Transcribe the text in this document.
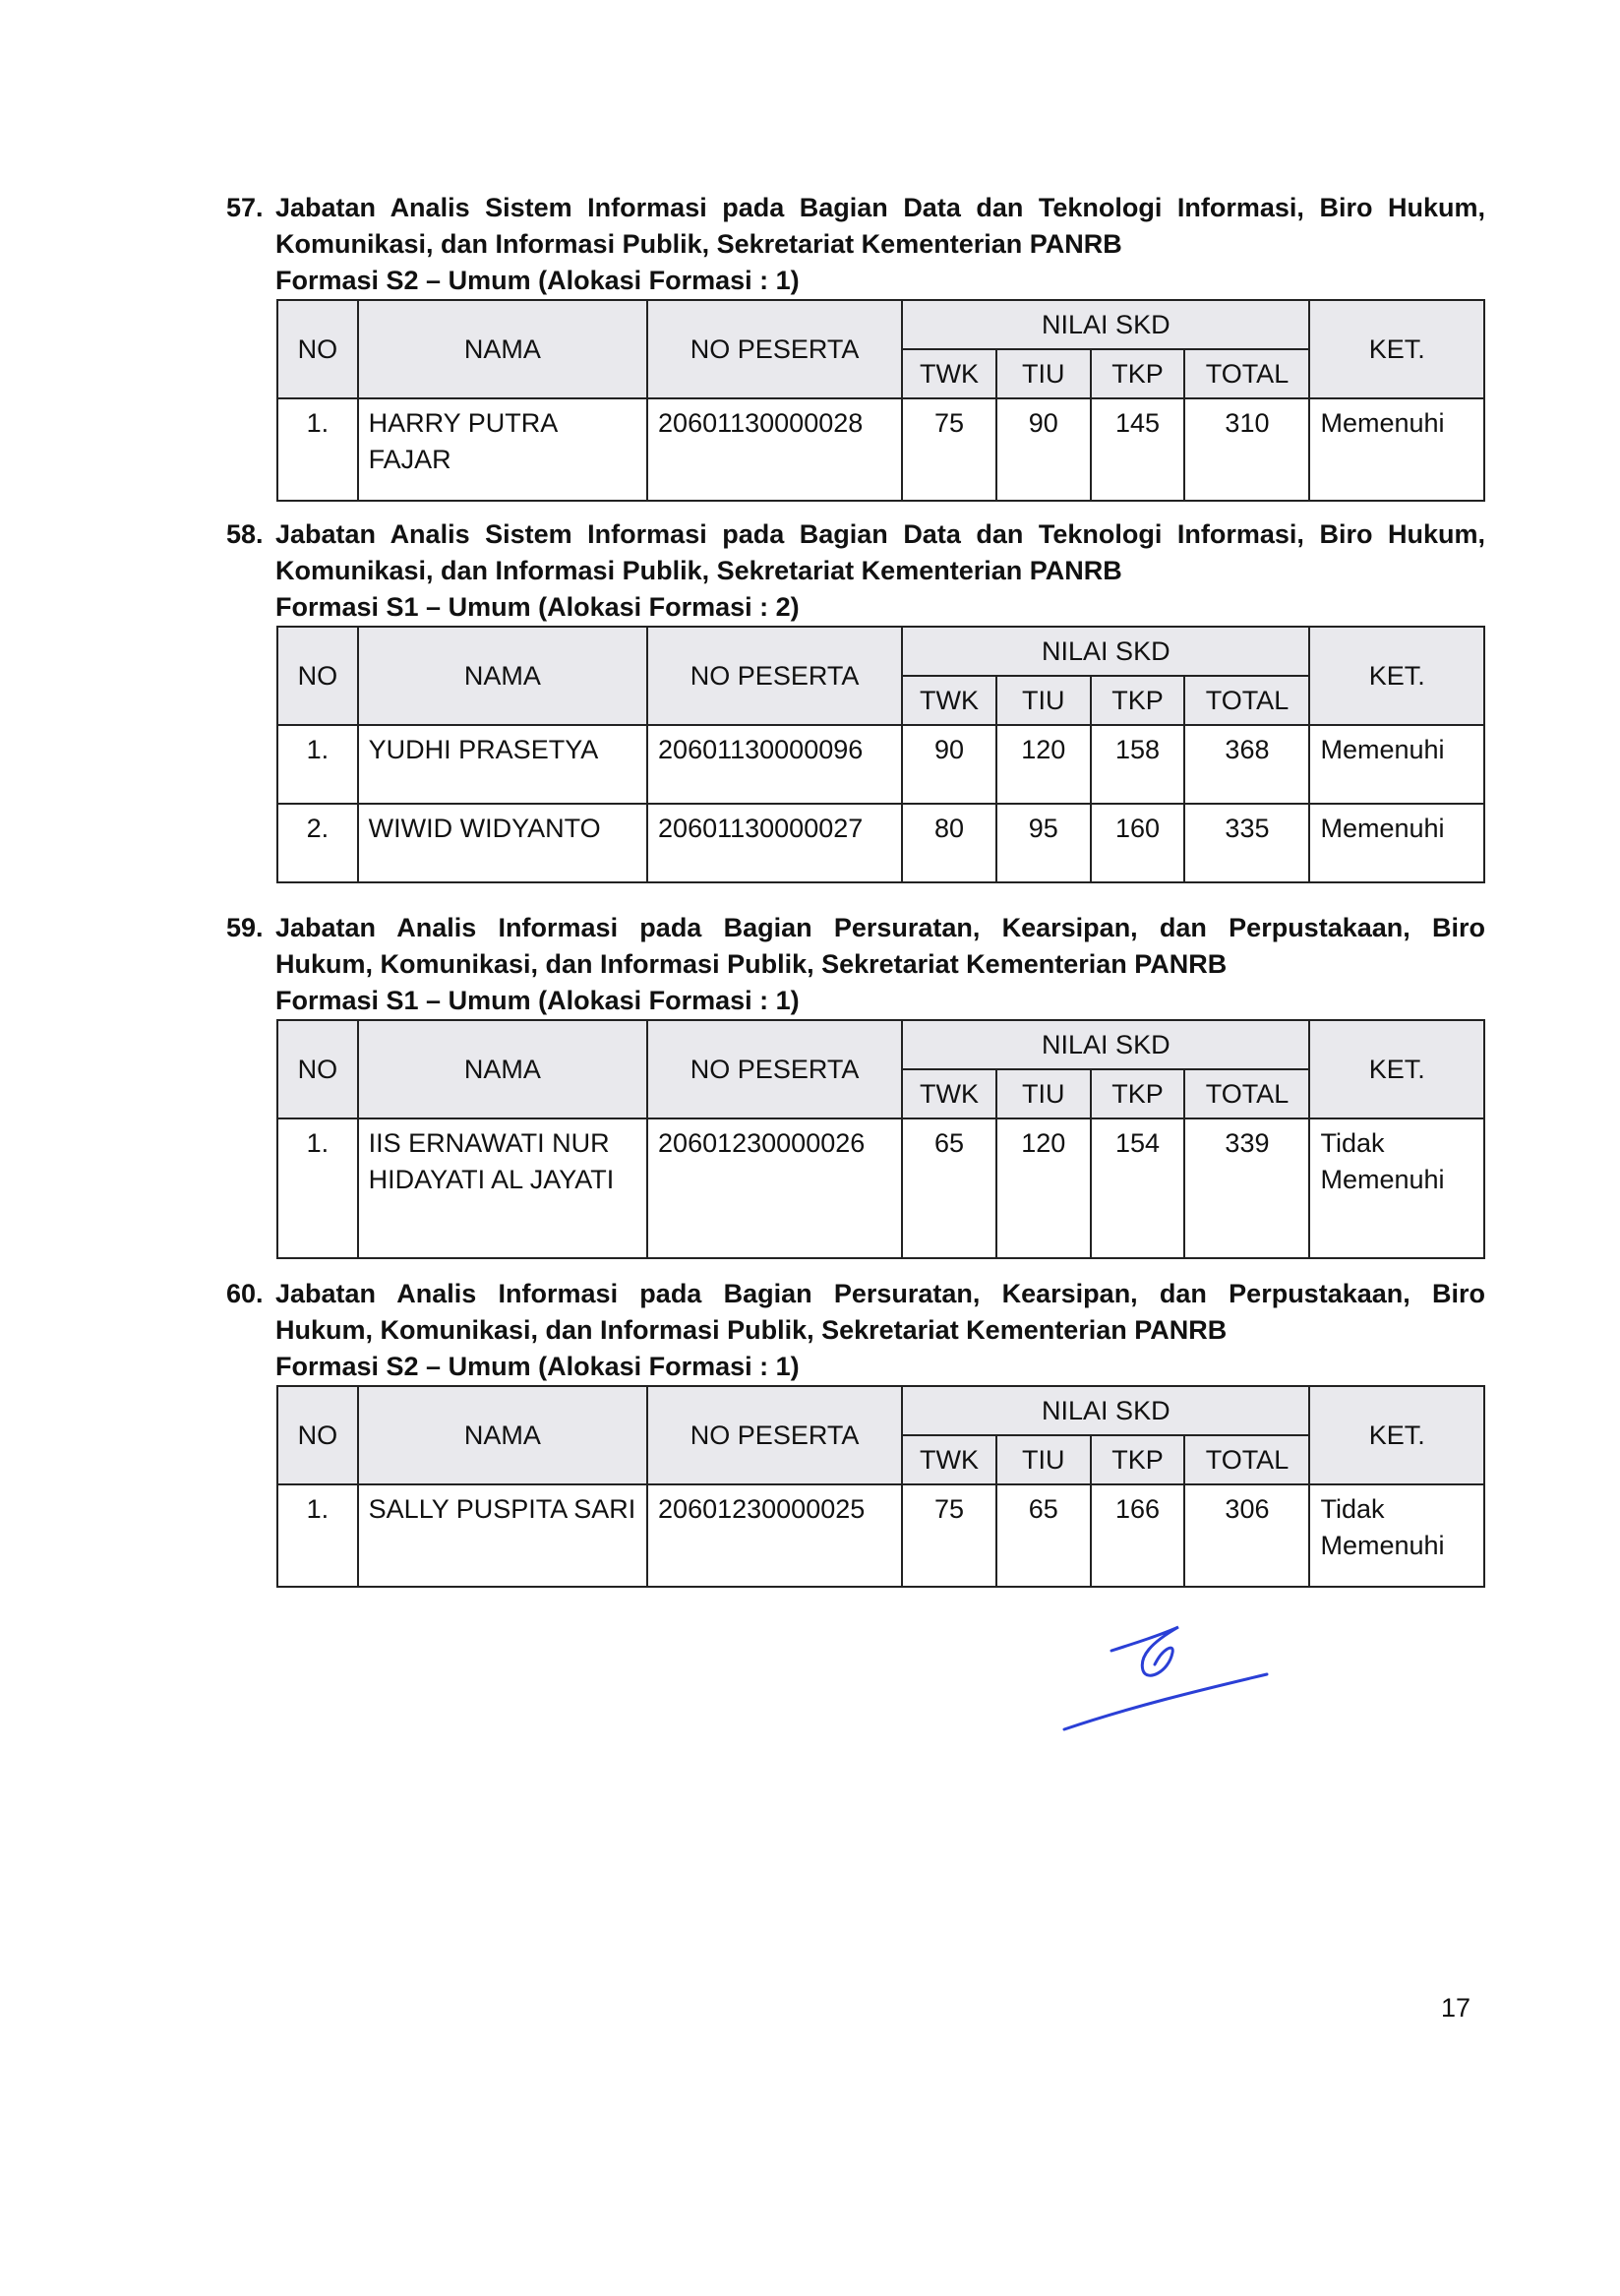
57. Jabatan Analis Sistem Informasi pada Bagian Data dan Teknologi Informasi, Biro Hukum,
Komunikasi, dan Informasi Publik, Sekretariat Kementerian PANRB
Formasi S2 – Umum (Alokasi Formasi : 1)
NO	NAMA	NO PESERTA	NILAI SKD				KET.
			TWK	TIU	TKP	TOTAL	
1.	HARRY PUTRA FAJAR	20601130000028	75	90	145	310	Memenuhi
58. Jabatan Analis Sistem Informasi pada Bagian Data dan Teknologi Informasi, Biro Hukum,
Komunikasi, dan Informasi Publik, Sekretariat Kementerian PANRB
Formasi S1 – Umum (Alokasi Formasi : 2)
NO	NAMA	NO PESERTA	NILAI SKD				KET.
			TWK	TIU	TKP	TOTAL	
1.	YUDHI PRASETYA	20601130000096	90	120	158	368	Memenuhi
2.	WIWID WIDYANTO	20601130000027	80	95	160	335	Memenuhi
59. Jabatan Analis Informasi pada Bagian Persuratan, Kearsipan, dan Perpustakaan, Biro
Hukum, Komunikasi, dan Informasi Publik, Sekretariat Kementerian PANRB
Formasi S1 – Umum (Alokasi Formasi : 1)
NO	NAMA	NO PESERTA	NILAI SKD				KET.
			TWK	TIU	TKP	TOTAL	
1.	IIS ERNAWATI NUR HIDAYATI AL JAYATI	20601230000026	65	120	154	339	Tidak Memenuhi
60. Jabatan Analis Informasi pada Bagian Persuratan, Kearsipan, dan Perpustakaan, Biro
Hukum, Komunikasi, dan Informasi Publik, Sekretariat Kementerian PANRB
Formasi S2 – Umum (Alokasi Formasi : 1)
NO	NAMA	NO PESERTA	NILAI SKD				KET.
			TWK	TIU	TKP	TOTAL	
1.	SALLY PUSPITA SARI	20601230000025	75	65	166	306	Tidak Memenuhi
17
